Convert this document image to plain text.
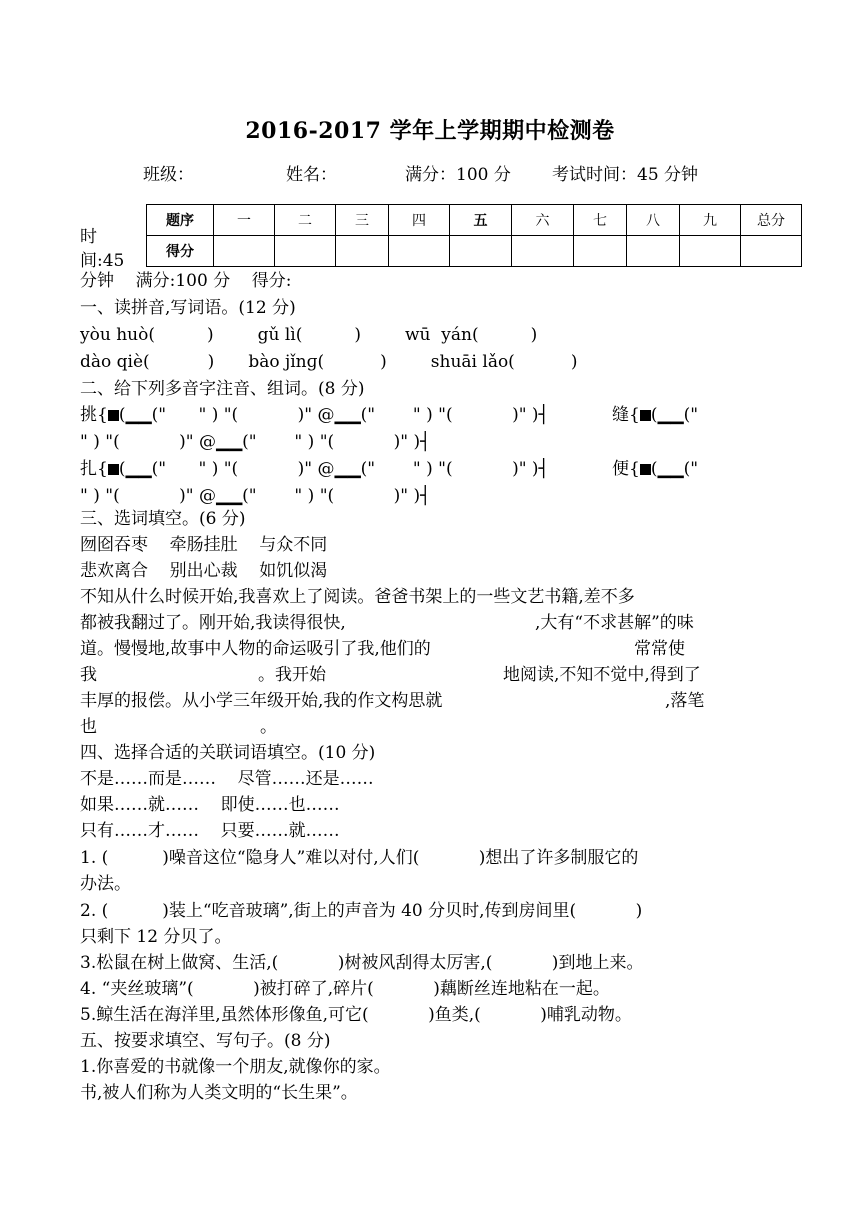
2016-2017 学年上学期期中检测卷
班级：	姓名：	满分：100 分 考试时间：45 分钟
时
间:45
题序	一	二	三	四	五	六	七	八	九	总分
得分										
分钟    满分:100 分    得分:
一、读拼音,写词语。(12 分)
yòu huò(	)	gǔ lì(	)	wū  yán(	)
dào qiè(	) bào jǐnɡ(	)	shuāi lǎo(	)
二、给下列多音字注音、组词。(8 分)
挑{ (▁▁("      " ) "(           )" @▁▁("       " ) "(           )" )┤	缝{ (▁▁("
" ) "(           )" @▁▁("       " ) "(           )" )┤
扎{ (▁▁("      " ) "(           )" @▁▁("       " ) "(           )" )┤	便{ (▁▁("
" ) "(           )" @▁▁("       " ) "(           )" )┤
三、选词填空。(6 分)
囫囵吞枣    牵肠挂肚    与众不同
悲欢离合    别出心裁    如饥似渴
不知从什么时候开始,我喜欢上了阅读。爸爸书架上的一些文艺书籍,差不多
都被我翻过了。刚开始,我读得很快,	,大有“不求甚解”的味
道。慢慢地,故事中人物的命运吸引了我,他们的	常常使
我	。我开始	地阅读,不知不觉中,得到了
丰厚的报偿。从小学三年级开始,我的作文构思就	,落笔
也	。
四、选择合适的关联词语填空。(10 分)
不是……而是……    尽管……还是……
如果……就……    即使……也……
只有……才……    只要……就……
1. (          )噪音这位“隐身人”难以对付,人们(           )想出了许多制服它的
办法。
2. (          )装上“吃音玻璃”,街上的声音为 40 分贝时,传到房间里(           )
只剩下 12 分贝了。
3.松鼠在树上做窝、生活,(           )树被风刮得太厉害,(           )到地上来。
4. “夹丝玻璃”(           )被打碎了,碎片(           )藕断丝连地粘在一起。
5.鲸生活在海洋里,虽然体形像鱼,可它(           )鱼类,(           )哺乳动物。
五、按要求填空、写句子。(8 分)
1.你喜爱的书就像一个朋友,就像你的家。
书,被人们称为人类文明的“长生果”。
